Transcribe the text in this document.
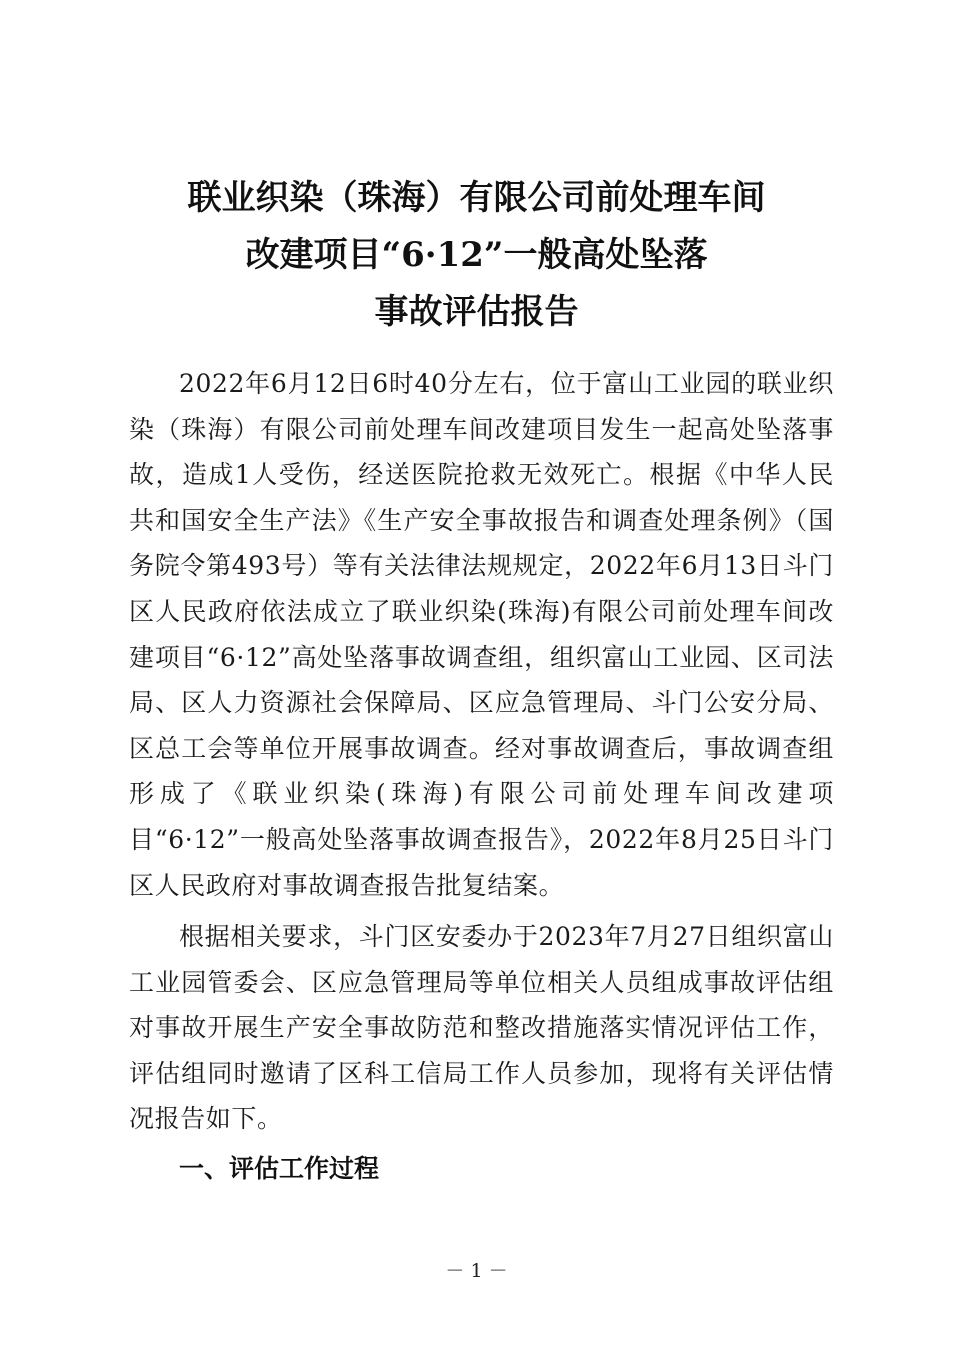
联业织染（珠海）有限公司前处理车间
改建项目“6·12”一般高处坠落
事故评估报告

2022年6月12日6时40分左右，位于富山工业园的联业织染（珠海）有限公司前处理车间改建项目发生一起高处坠落事故，造成1人受伤，经送医院抢救无效死亡。根据《中华人民共和国安全生产法》《生产安全事故报告和调查处理条例》（国务院令第493号）等有关法律法规规定，2022年6月13日斗门区人民政府依法成立了联业织染(珠海)有限公司前处理车间改建项目“6·12”高处坠落事故调查组，组织富山工业园、区司法局、区人力资源社会保障局、区应急管理局、斗门公安分局、区总工会等单位开展事故调查。经对事故调查后，事故调查组形成了《联业织染(珠海)有限公司前处理车间改建项目“6·12”一般高处坠落事故调查报告》，2022年8月25日斗门区人民政府对事故调查报告批复结案。

根据相关要求，斗门区安委办于2023年7月27日组织富山工业园管委会、区应急管理局等单位相关人员组成事故评估组对事故开展生产安全事故防范和整改措施落实情况评估工作，评估组同时邀请了区科工信局工作人员参加，现将有关评估情况报告如下。

一、评估工作过程
－ 1 －
